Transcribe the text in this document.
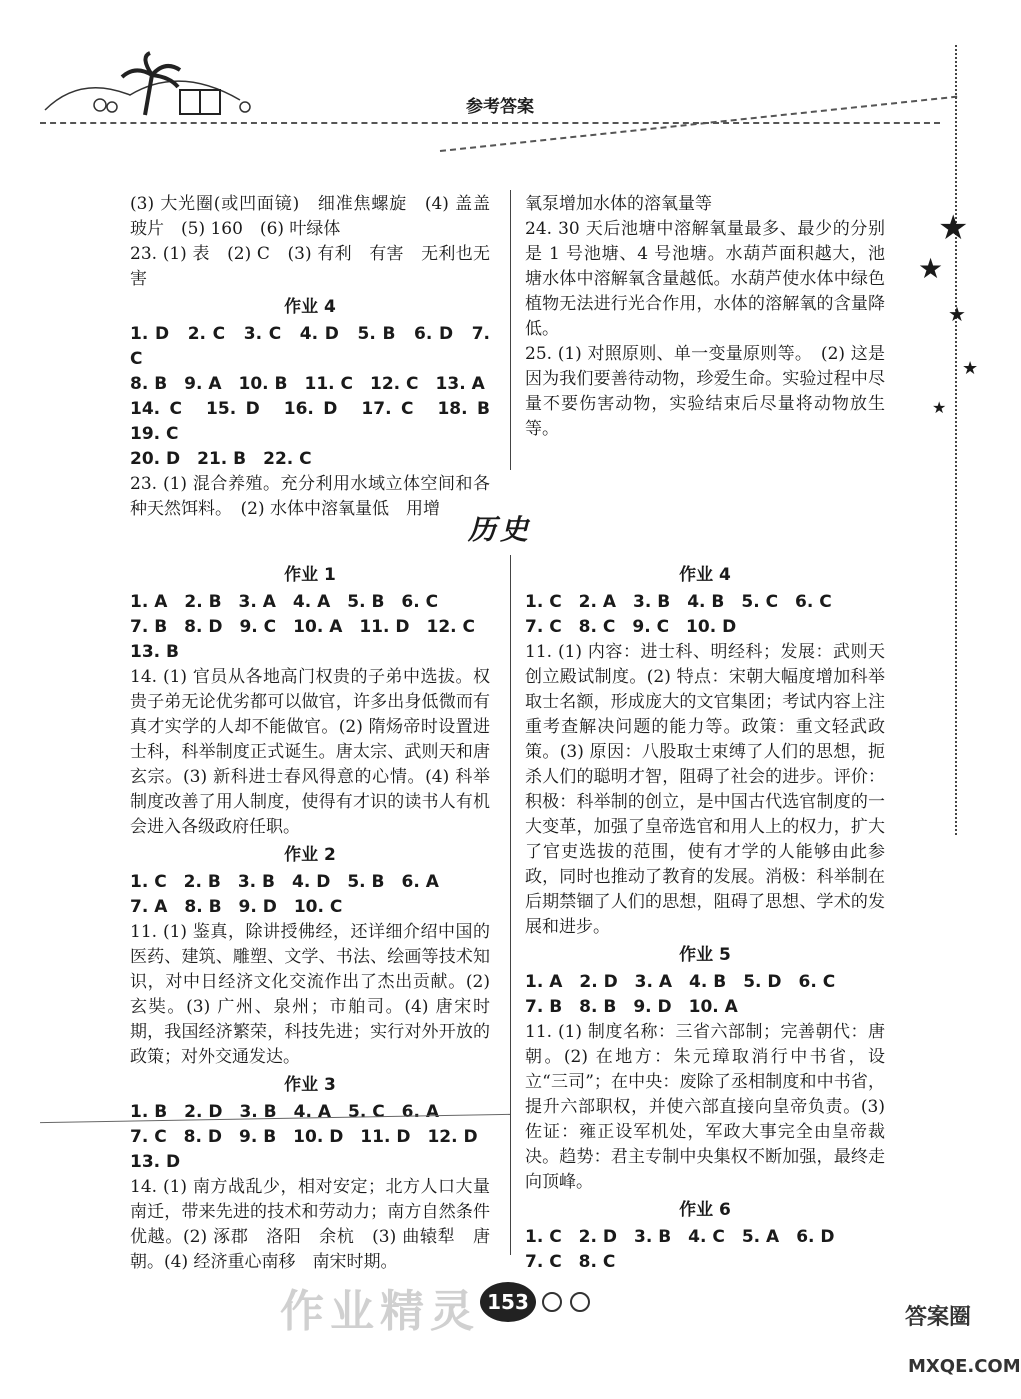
参考答案
★
★
★
★
★

(3) 大光圈(或凹面镜)　细准焦螺旋　(4) 盖盖玻片　(5) 160　(6) 叶绿体

23. (1) 表　(2) C　(3) 有利　有害　无利也无害

作业 4

1. D　2. C　3. C　4. D　5. B　6. D　7. C

8. B　9. A　10. B　11. C　12. C　13. A

14. C　15. D　16. D　17. C　18. B　19. C

20. D　21. B　22. C

23. (1) 混合养殖。充分利用水域立体空间和各种天然饵料。　(2) 水体中溶氧量低　用增

氧泵增加水体的溶氧量等

24. 30 天后池塘中溶解氧量最多、最少的分别是 1 号池塘、4 号池塘。水葫芦面积越大，池塘水体中溶解氧含量越低。水葫芦使水体中绿色植物无法进行光合作用，水体的溶解氧的含量降低。

25. (1) 对照原则、单一变量原则等。　(2) 这是因为我们要善待动物，珍爱生命。实验过程中尽量不要伤害动物，实验结束后尽量将动物放生等。

历史
作业 1

1. A　2. B　3. A　4. A　5. B　6. C

7. B　8. D　9. C　10. A　11. D　12. C

13. B

14. (1) 官员从各地高门权贵的子弟中选拔。权贵子弟无论优劣都可以做官，许多出身低微而有真才实学的人却不能做官。(2) 隋炀帝时设置进士科，科举制度正式诞生。唐太宗、武则天和唐玄宗。(3) 新科进士春风得意的心情。(4) 科举制度改善了用人制度，使得有才识的读书人有机会进入各级政府任职。

作业 2

1. C　2. B　3. B　4. D　5. B　6. A

7. A　8. B　9. D　10. C

11. (1) 鉴真，除讲授佛经，还详细介绍中国的医药、建筑、雕塑、文学、书法、绘画等技术知识，对中日经济文化交流作出了杰出贡献。(2) 玄奘。(3) 广州、泉州；市舶司。(4) 唐宋时期，我国经济繁荣，科技先进；实行对外开放的政策；对外交通发达。

作业 3

1. B　2. D　3. B　4. A　5. C　6. A

7. C　8. D　9. B　10. D　11. D　12. D

13. D

14. (1) 南方战乱少，相对安定；北方人口大量南迁，带来先进的技术和劳动力；南方自然条件优越。(2) 涿郡　洛阳　余杭　(3) 曲辕犁　唐朝。(4) 经济重心南移　南宋时期。

作业 4

1. C　2. A　3. B　4. B　5. C　6. C

7. C　8. C　9. C　10. D

11. (1) 内容：进士科、明经科；发展：武则天创立殿试制度。(2) 特点：宋朝大幅度增加科举取士名额，形成庞大的文官集团；考试内容上注重考查解决问题的能力等。政策：重文轻武政策。(3) 原因：八股取士束缚了人们的思想，扼杀人们的聪明才智，阻碍了社会的进步。评价：积极：科举制的创立，是中国古代选官制度的一大变革，加强了皇帝选官和用人上的权力，扩大了官吏选拔的范围，使有才学的人能够由此参政，同时也推动了教育的发展。消极：科举制在后期禁锢了人们的思想，阻碍了思想、学术的发展和进步。

作业 5

1. A　2. D　3. A　4. B　5. D　6. C

7. B　8. B　9. D　10. A

11. (1) 制度名称：三省六部制；完善朝代：唐朝。(2) 在地方：朱元璋取消行中书省，设立“三司”；在中央：废除了丞相制度和中书省，提升六部职权，并使六部直接向皇帝负责。(3) 佐证：雍正设军机处，军政大事完全由皇帝裁决。趋势：君主专制中央集权不断加强，最终走向顶峰。

作业 6

1. C　2. D　3. B　4. C　5. A　6. D

7. C　8. C

作业精灵 153
答案圈
MXQE.COM
